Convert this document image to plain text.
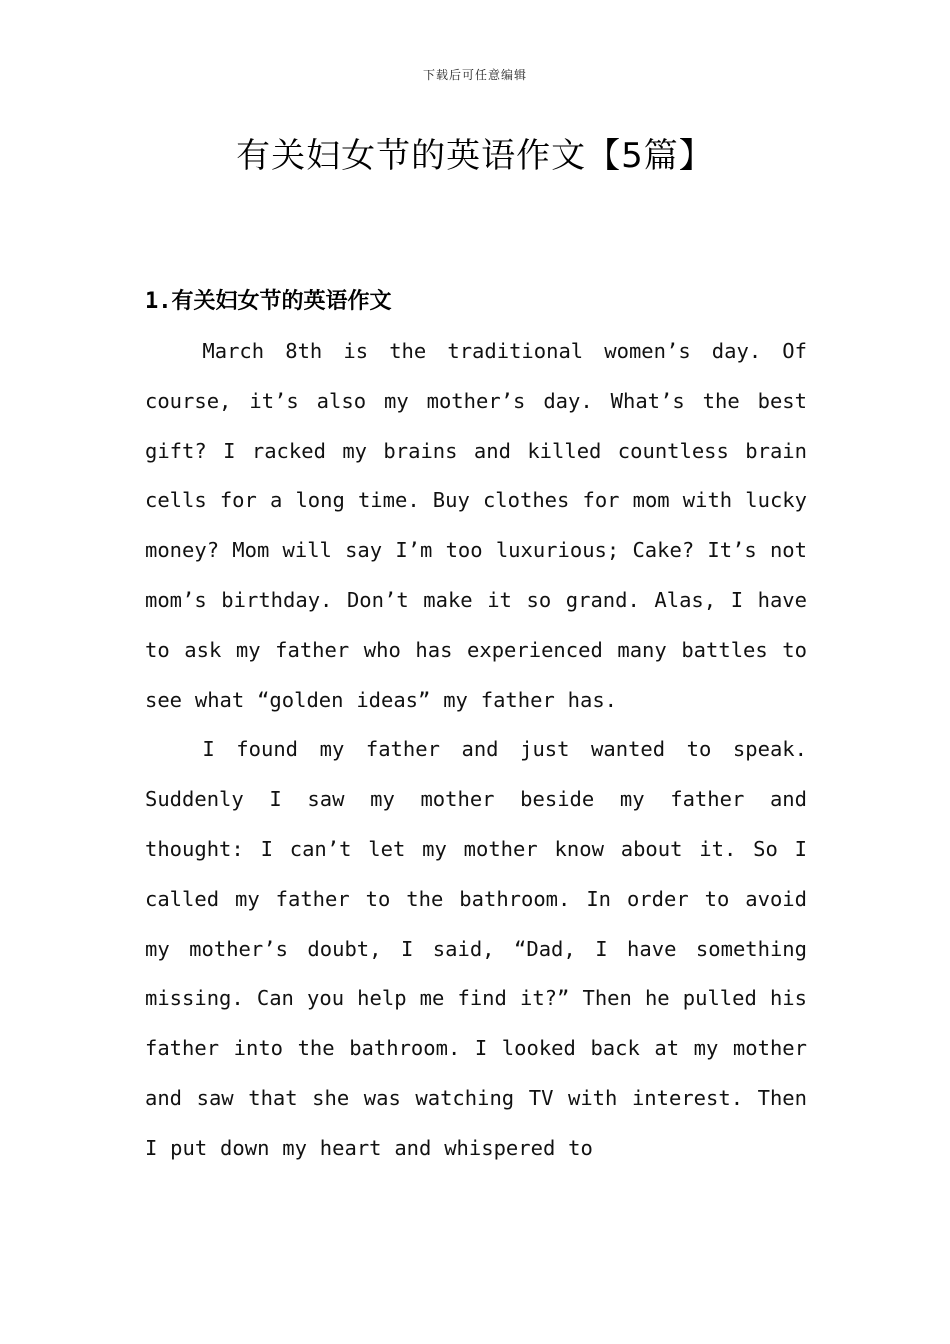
下载后可任意编辑
有关妇女节的英语作文【5篇】
1.有关妇女节的英语作文

March 8th is the traditional women’s day. Of course, it’s also my mother’s day. What’s the best gift? I racked my brains and killed countless brain cells for a long time. Buy clothes for mom with lucky money? Mom will say I’m too luxurious; Cake? It’s not mom’s birthday. Don’t make it so grand. Alas, I have to ask my father who has experienced many battles to see what “golden ideas” my father has.

I found my father and just wanted to speak. Suddenly I saw my mother beside my father and thought: I can’t let my mother know about it. So I called my father to the bathroom. In order to avoid my mother’s doubt, I said, “Dad, I have something missing. Can you help me find it?” Then he pulled his father into the bathroom. I looked back at my mother and saw that she was watching TV with interest. Then I put down my heart and whispered to
